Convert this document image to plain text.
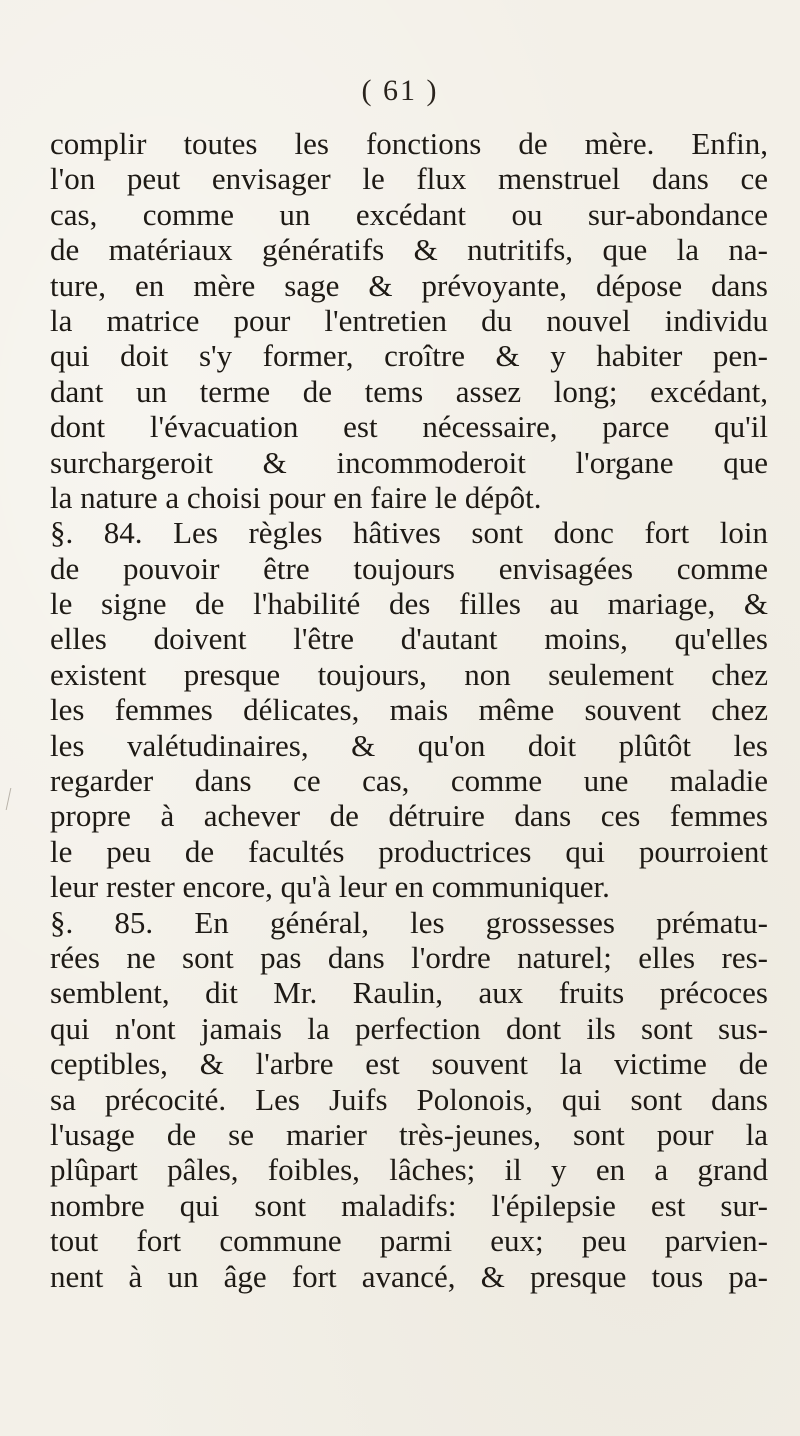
( 61 )
complir toutes les fonctions de mère. Enfin,
l'on peut envisager le flux menstruel dans ce
cas, comme un excédant ou sur-abondance
de matériaux génératifs & nutritifs, que la na-
ture, en mère sage & prévoyante, dépose dans
la matrice pour l'entretien du nouvel individu
qui doit s'y former, croître & y habiter pen-
dant un terme de tems assez long; excédant,
dont l'évacuation est nécessaire, parce qu'il
surchargeroit & incommoderoit l'organe que
la nature a choisi pour en faire le dépôt.
§. 84. Les règles hâtives sont donc fort loin
de pouvoir être toujours envisagées comme
le signe de l'habilité des filles au mariage, &
elles doivent l'être d'autant moins, qu'elles
existent presque toujours, non seulement chez
les femmes délicates, mais même souvent chez
les valétudinaires, & qu'on doit plûtôt les
regarder dans ce cas, comme une maladie
propre à achever de détruire dans ces femmes
le peu de facultés productrices qui pourroient
leur rester encore, qu'à leur en communiquer.
§. 85. En général, les grossesses prématu-
rées ne sont pas dans l'ordre naturel; elles res-
semblent, dit Mr. Raulin, aux fruits précoces
qui n'ont jamais la perfection dont ils sont sus-
ceptibles, & l'arbre est souvent la victime de
sa précocité. Les Juifs Polonois, qui sont dans
l'usage de se marier très-jeunes, sont pour la
plûpart pâles, foibles, lâches; il y en a grand
nombre qui sont maladifs: l'épilepsie est sur-
tout fort commune parmi eux; peu parvien-
nent à un âge fort avancé, & presque tous pa-
